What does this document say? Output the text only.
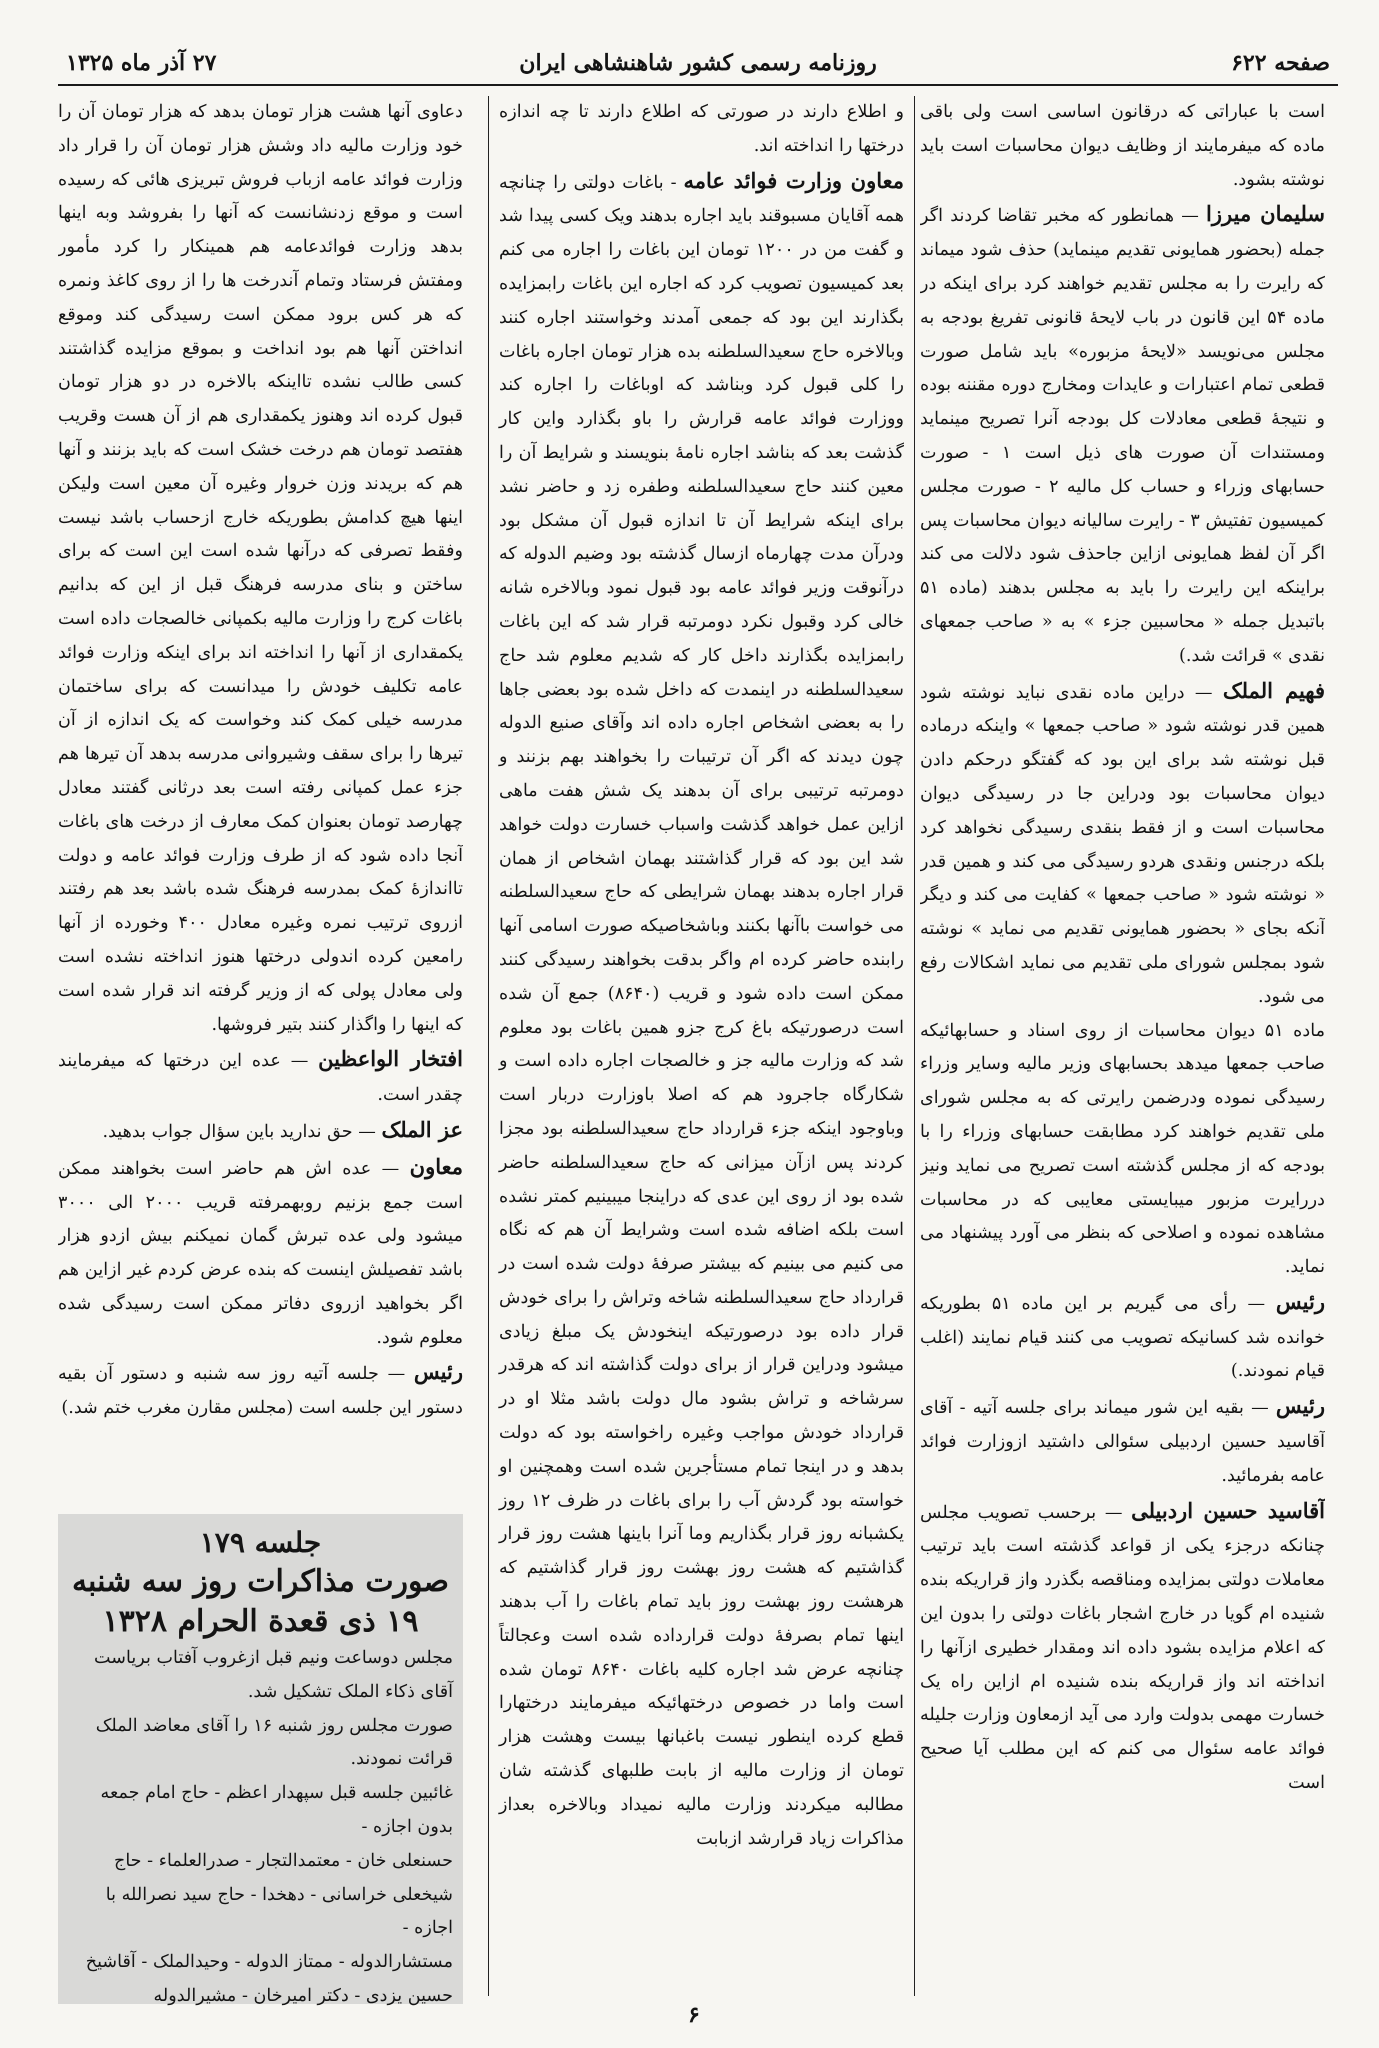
صفحه ۶۲۲
روزنامه رسمی کشور شاهنشاهی ایران
۲۷ آذر ماه ۱۳۲۵

است با عباراتی که درقانون اساسی است ولی باقی ماده که میفرمایند از وظایف دیوان محاسبات است باید نوشته بشود.

سلیمان میرزا — همانطور که مخبر تقاضا کردند اگر جمله (بحضور همایونی تقدیم مینماید) حذف شود میماند که رایرت را به مجلس تقدیم خواهند کرد برای اینکه در ماده ۵۴ این قانون در باب لایحهٔ قانونی تفریغ بودجه به مجلس می‌نویسد «لایحهٔ مزبوره» باید شامل صورت قطعی تمام اعتبارات و عایدات ومخارج دوره مقننه بوده و نتیجهٔ قطعی معادلات کل بودجه آنرا تصریح مینماید ومستندات آن صورت های ذیل است ۱ - صورت حسابهای وزراء و حساب کل مالیه ۲ - صورت مجلس کمیسیون تفتیش ۳ - رایرت سالیانه دیوان محاسبات پس اگر آن لفظ همایونی ازاین جاحذف شود دلالت می کند براینکه این رایرت را باید به مجلس بدهند (ماده ۵۱ باتبدیل جمله « محاسبین جزء » به « صاحب جمعهای نقدی » قرائت شد.)

فهیم الملک — دراین ماده نقدی نباید نوشته شود همین قدر نوشته شود « صاحب جمعها » واینکه درماده قبل نوشته شد برای این بود که گفتگو درحکم دادن دیوان محاسبات بود ودراین جا در رسیدگی دیوان محاسبات است و از فقط بنقدی رسیدگی نخواهد کرد بلکه درجنس ونقدی هردو رسیدگی می کند و همین قدر « نوشته شود « صاحب جمعها » کفایت می کند و دیگر آنکه بجای « بحضور همایونی تقدیم می نماید » نوشته شود بمجلس شورای ملی تقدیم می نماید اشکالات رفع می شود.

ماده ۵۱ دیوان محاسبات از روی اسناد و حسابهائیکه صاحب جمعها میدهد بحسابهای وزیر مالیه وسایر وزراء رسیدگی نموده ودرضمن رایرتی که به مجلس شورای ملی تقدیم خواهند کرد مطابقت حسابهای وزراء را با بودجه که از مجلس گذشته است تصریح می نماید ونیز دررایرت مزبور میبایستی معایبی که در محاسبات مشاهده نموده و اصلاحی که بنظر می آورد پیشنهاد می نماید.

رئیس — رأی می گیریم بر این ماده ۵۱ بطوریکه خوانده شد کسانیکه تصویب می کنند قیام نمایند (اغلب قیام نمودند.)

رئیس — بقیه این شور میماند برای جلسه آتیه - آقای آقاسید حسین اردبیلی سئوالی داشتید ازوزارت فوائد عامه بفرمائید.

آقاسید حسین اردبیلی — برحسب تصویب مجلس چنانکه درجزء یکی از قواعد گذشته است باید ترتیب معاملات دولتی بمزایده ومناقصه بگذرد واز قراریکه بنده شنیده ام گویا در خارج اشجار باغات دولتی را بدون این که اعلام مزایده بشود داده اند ومقدار خطیری ازآنها را انداخته اند واز قراریکه بنده شنیده ام ازاین راه یک خسارت مهمی بدولت وارد می آید ازمعاون وزارت جلیله فوائد عامه سئوال می کنم که این مطلب آیا صحیح است

و اطلاع دارند در صورتی که اطلاع دارند تا چه اندازه درختها را انداخته اند.

معاون وزارت فوائد عامه - باغات دولتی را چنانچه همه آقایان مسبوقند باید اجاره بدهند ویک کسی پیدا شد و گفت من در ۱۲۰۰ تومان این باغات را اجاره می کنم بعد کمیسیون تصویب کرد که اجاره این باغات رابمزایده بگذارند این بود که جمعی آمدند وخواستند اجاره کنند وبالاخره حاج سعیدالسلطنه بده هزار تومان اجاره باغات را کلی قبول کرد وبناشد که اوباغات را اجاره کند ووزارت فوائد عامه قرارش را باو بگذارد واین کار گذشت بعد که بناشد اجاره نامهٔ بنویسند و شرایط آن را معین کنند حاج سعیدالسلطنه وطفره زد و حاضر نشد برای اینکه شرایط آن تا اندازه قبول آن مشکل بود ودرآن مدت چهارماه ازسال گذشته بود وضیم الدوله که درآنوقت وزیر فوائد عامه بود قبول نمود وبالاخره شانه خالی کرد وقبول نکرد دومرتبه قرار شد که این باغات رابمزایده بگذارند داخل کار که شدیم معلوم شد حاج سعیدالسلطنه در اینمدت که داخل شده بود بعضی جاها را به بعضی اشخاص اجاره داده اند وآقای صنیع الدوله چون دیدند که اگر آن ترتیبات را بخواهند بهم بزنند و دومرتبه ترتیبی برای آن بدهند یک شش هفت ماهی ازاین عمل خواهد گذشت واسباب خسارت دولت خواهد شد این بود که قرار گذاشتند بهمان اشخاص از همان قرار اجاره بدهند بهمان شرایطی که حاج سعیدالسلطنه می خواست باآنها بکنند وباشخاصیکه صورت اسامی آنها رابنده حاضر کرده ام واگر بدقت بخواهند رسیدگی کنند ممکن است داده شود و قریب (۸۶۴۰) جمع آن شده است درصورتیکه باغ کرج جزو همین باغات بود معلوم شد که وزارت مالیه جز و خالصجات اجاره داده است و شکارگاه جاجرود هم که اصلا باوزارت دربار است وباوجود اینکه جزء قرارداد حاج سعیدالسلطنه بود مجزا کردند پس ازآن میزانی که حاج سعیدالسلطنه حاضر شده بود از روی این عدی که دراینجا میبینیم کمتر نشده است بلکه اضافه شده است وشرایط آن هم که نگاه می کنیم می بینیم که بیشتر صرفهٔ دولت شده است در قرارداد حاج سعیدالسلطنه شاخه وتراش را برای خودش قرار داده بود درصورتیکه اینخودش یک مبلغ زیادی میشود ودراین قرار از برای دولت گذاشته اند که هرقدر سرشاخه و تراش بشود مال دولت باشد مثلا او در قرارداد خودش مواجب وغیره راخواسته بود که دولت بدهد و در اینجا تمام مستأجرین شده است وهمچنین او خواسته بود گردش آب را برای باغات در ظرف ۱۲ روز یکشبانه روز قرار بگذاریم وما آنرا باینها هشت روز قرار گذاشتیم که هشت روز بهشت روز قرار گذاشتیم که هرهشت روز بهشت روز باید تمام باغات را آب بدهند اینها تمام بصرفهٔ دولت قرارداده شده است وعجالتاً چنانچه عرض شد اجاره کلیه باغات ۸۶۴۰ تومان شده است واما در خصوص درختهائیکه میفرمایند درختهارا قطع کرده اینطور نیست باغبانها بیست وهشت هزار تومان از وزارت مالیه از بابت طلبهای گذشته شان مطالبه میکردند وزارت مالیه نمیداد وبالاخره بعداز مذاکرات زیاد قرارشد ازبابت

دعاوی آنها هشت هزار تومان بدهد که هزار تومان آن را خود وزارت مالیه داد وشش هزار تومان آن را قرار داد وزارت فوائد عامه ازباب فروش تبریزی هائی که رسیده است و موقع زدنشانست که آنها را بفروشد وبه اینها بدهد وزارت فوائدعامه هم همینکار را کرد مأمور ومفتش فرستاد وتمام آندرخت ها را از روی کاغذ ونمره که هر کس برود ممکن است رسیدگی کند وموقع انداختن آنها هم بود انداخت و بموقع مزایده گذاشتند کسی طالب نشده تااینکه بالاخره در دو هزار تومان قبول کرده اند وهنوز یکمقداری هم از آن هست وقریب هفتصد تومان هم درخت خشک است که باید بزنند و آنها هم که بریدند وزن خروار وغیره آن معین است ولیکن اینها هیچ کدامش بطوریکه خارج ازحساب باشد نیست وفقط تصرفی که درآنها شده است این است که برای ساختن و بنای مدرسه فرهنگ قبل از این که بدانیم باغات کرج را وزارت مالیه بکمپانی خالصجات داده است یکمقداری از آنها را انداخته اند برای اینکه وزارت فوائد عامه تکلیف خودش را میدانست که برای ساختمان مدرسه خیلی کمک کند وخواست که یک اندازه از آن تیرها را برای سقف وشیروانی مدرسه بدهد آن تیرها هم جزء عمل کمپانی رفته است بعد درثانی گفتند معادل چهارصد تومان بعنوان کمک معارف از درخت های باغات آنجا داده شود که از طرف وزارت فوائد عامه و دولت تااندازهٔ کمک بمدرسه فرهنگ شده باشد بعد هم رفتند ازروی ترتیب نمره وغیره معادل ۴۰۰ وخورده از آنها رامعین کرده اندولی درختها هنوز انداخته نشده است ولی معادل پولی که از وزیر گرفته اند قرار شده است که اینها را واگذار کنند بتیر فروشها.

افتخار الواعظین — عده این درختها که میفرمایند چقدر است.

عز الملک — حق ندارید باین سؤال جواب بدهید.

معاون — عده اش هم حاضر است بخواهند ممکن است جمع بزنیم روبهمرفته قریب ۲۰۰۰ الی ۳۰۰۰ میشود ولی عده تبرش گمان نمیکنم بیش ازدو هزار باشد تفصیلش اینست که بنده عرض کردم غیر ازاین هم اگر بخواهید ازروی دفاتر ممکن است رسیدگی شده معلوم شود.

رئیس — جلسه آتیه روز سه شنبه و دستور آن بقیه دستور این جلسه است (مجلس مقارن مغرب ختم شد.)

جلسه ۱۷۹
صورت مذاکرات روز سه شنبه ۱۹ ذی قعدة الحرام ۱۳۲۸

مجلس دوساعت ونیم قبل ازغروب آفتاب بریاست آقای ذکاء الملک تشکیل شد.

صورت مجلس روز شنبه ۱۶ را آقای معاضد الملک قرائت نمودند.

غائبین جلسه قبل سپهدار اعظم - حاج امام جمعه بدون اجازه -

حسنعلی خان - معتمدالتجار - صدرالعلماء - حاج شیخعلی خراسانی - دهخدا - حاج سید نصرالله با اجازه -

مستشارالدوله - ممتاز الدوله - وحیدالملک - آقاشیخ حسین یزدی - دکتر امیرخان - مشیرالدوله

۶
